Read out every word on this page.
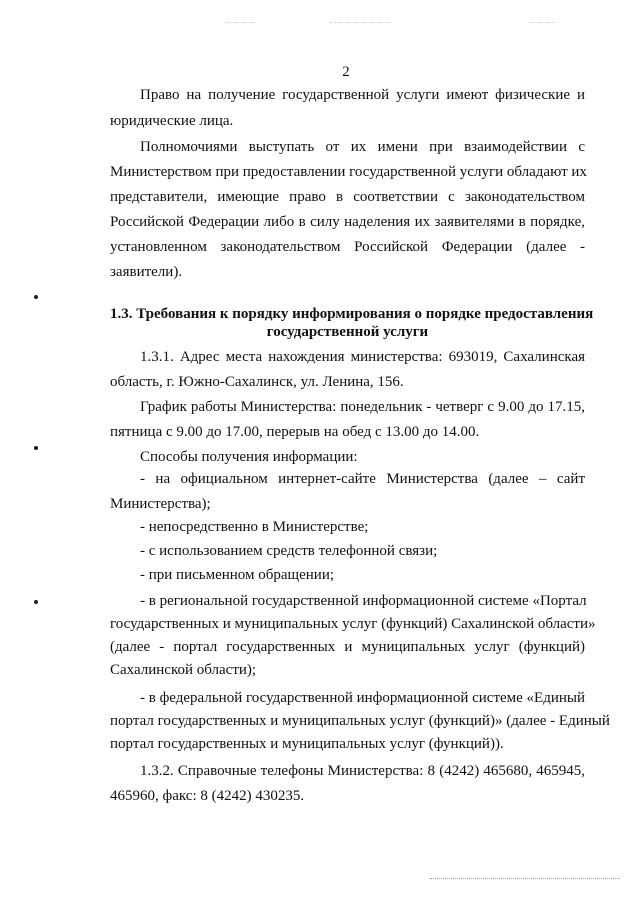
2
Право на получение государственной услуги имеют физические и
юридические лица.
Полномочиями выступать от их имени при взаимодействии с
Министерством при предоставлении государственной услуги обладают их
представители, имеющие право в соответствии с законодательством
Российской Федерации либо в силу наделения их заявителями в порядке,
установленном законодательством Российской Федерации (далее -
заявители).
1.3. Требования к порядку информирования о порядке предоставления
государственной услуги
1.3.1. Адрес места нахождения министерства: 693019, Сахалинская
область, г. Южно-Сахалинск, ул. Ленина, 156.
График работы Министерства: понедельник - четверг с 9.00 до 17.15,
пятница с 9.00 до 17.00, перерыв на обед с 13.00 до 14.00.
Способы получения информации:
- на официальном интернет-сайте Министерства (далее – сайт
Министерства);
- непосредственно в Министерстве;
- с использованием средств телефонной связи;
- при письменном обращении;
- в региональной государственной информационной системе «Портал
государственных и муниципальных услуг (функций) Сахалинской области»
(далее - портал государственных и муниципальных услуг (функций)
Сахалинской области);
- в федеральной государственной информационной системе «Единый
портал государственных и муниципальных услуг (функций)» (далее - Единый
портал государственных и муниципальных услуг (функций)).
1.3.2. Справочные телефоны Министерства: 8 (4242) 465680, 465945,
465960, факс: 8 (4242) 430235.
